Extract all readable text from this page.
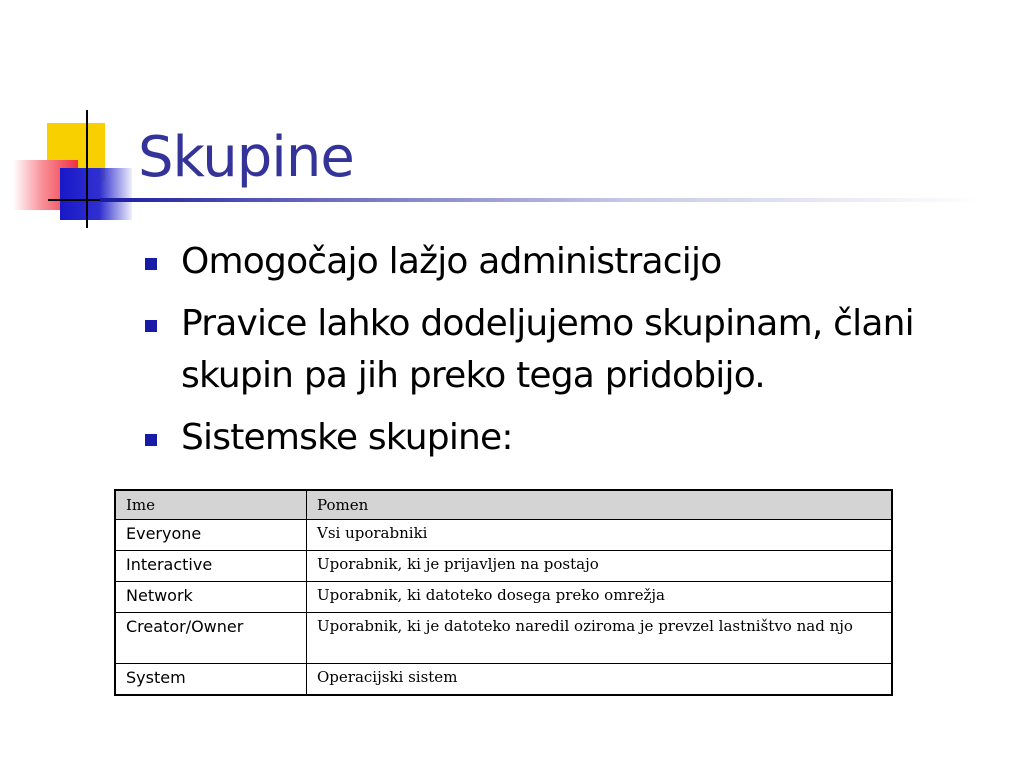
Skupine
Omogočajo lažjo administracijo
Pravice lahko dodeljujemo skupinam, člani skupin pa jih preko tega pridobijo.
Sistemske skupine:
Ime	Pomen
Everyone	Vsi uporabniki
Interactive	Uporabnik, ki je prijavljen na postajo
Network	Uporabnik, ki datoteko dosega preko omrežja
Creator/Owner	Uporabnik, ki je datoteko naredil oziroma je prevzel lastništvo nad njo
System	Operacijski sistem
